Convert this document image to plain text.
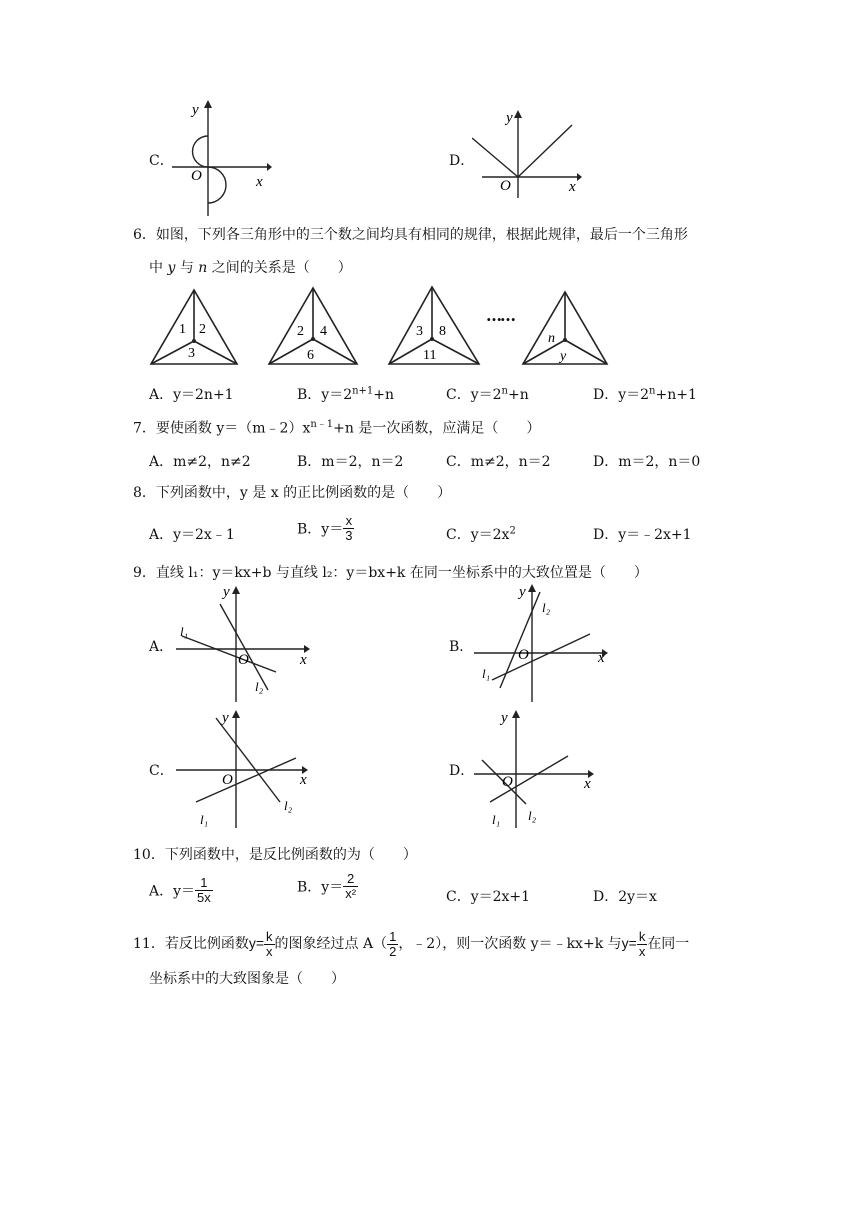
C．
y
x
O
D．
y
x
O
6．如图，下列各三角形中的三个数之间均具有相同的规律，根据此规律，最后一个三角形
中 y 与 n 之间的关系是（　　）
1 2
3
2 4
6
3 8
11
……
n
y
A．y＝2n+1	B．$y=2^{n+1}+n$	C．$y=2^n+n$	D．$y=2^n+n+1$
7．要使函数 $y=(m﹣2)x^{n﹣1}+n$ 是一次函数，应满足（　　）
A．m≠2，n≠2	B．m＝2，n＝2	C．m≠2，n＝2	D．m＝2，n＝0
8．下列函数中，y 是 x 的正比例函数的是（　　）
A．y＝2x﹣1	B．$y= \frac{x}{3}$	C．$y=2x^2$	D．y＝﹣2x+1
9．直线 l₁：y＝kx+b 与直线 l₂：y＝bx+k 在同一坐标系中的大致位置是（　　）
A．
y
x
O
l₁
l₂
B．
y
x
O
l₁
l₂
C．
y
x
O
l₁
l₂
D．
y
x
O
l₁ l₂
10．下列函数中，是反比例函数的为（　　）
A．$y= \frac{1}{5x}$	B．$y= \frac{2}{\text{x²}}$	C．y＝2x+1	D．2y＝x
11．若反比例函数$y= \frac{k}{x}$ 的图象经过点 $A( \frac{1}{2}$ ，﹣2），则一次函数 y＝﹣kx+k 与$y= \frac{k}{x}$ 在同一
坐标系中的大致图象是（　　）
